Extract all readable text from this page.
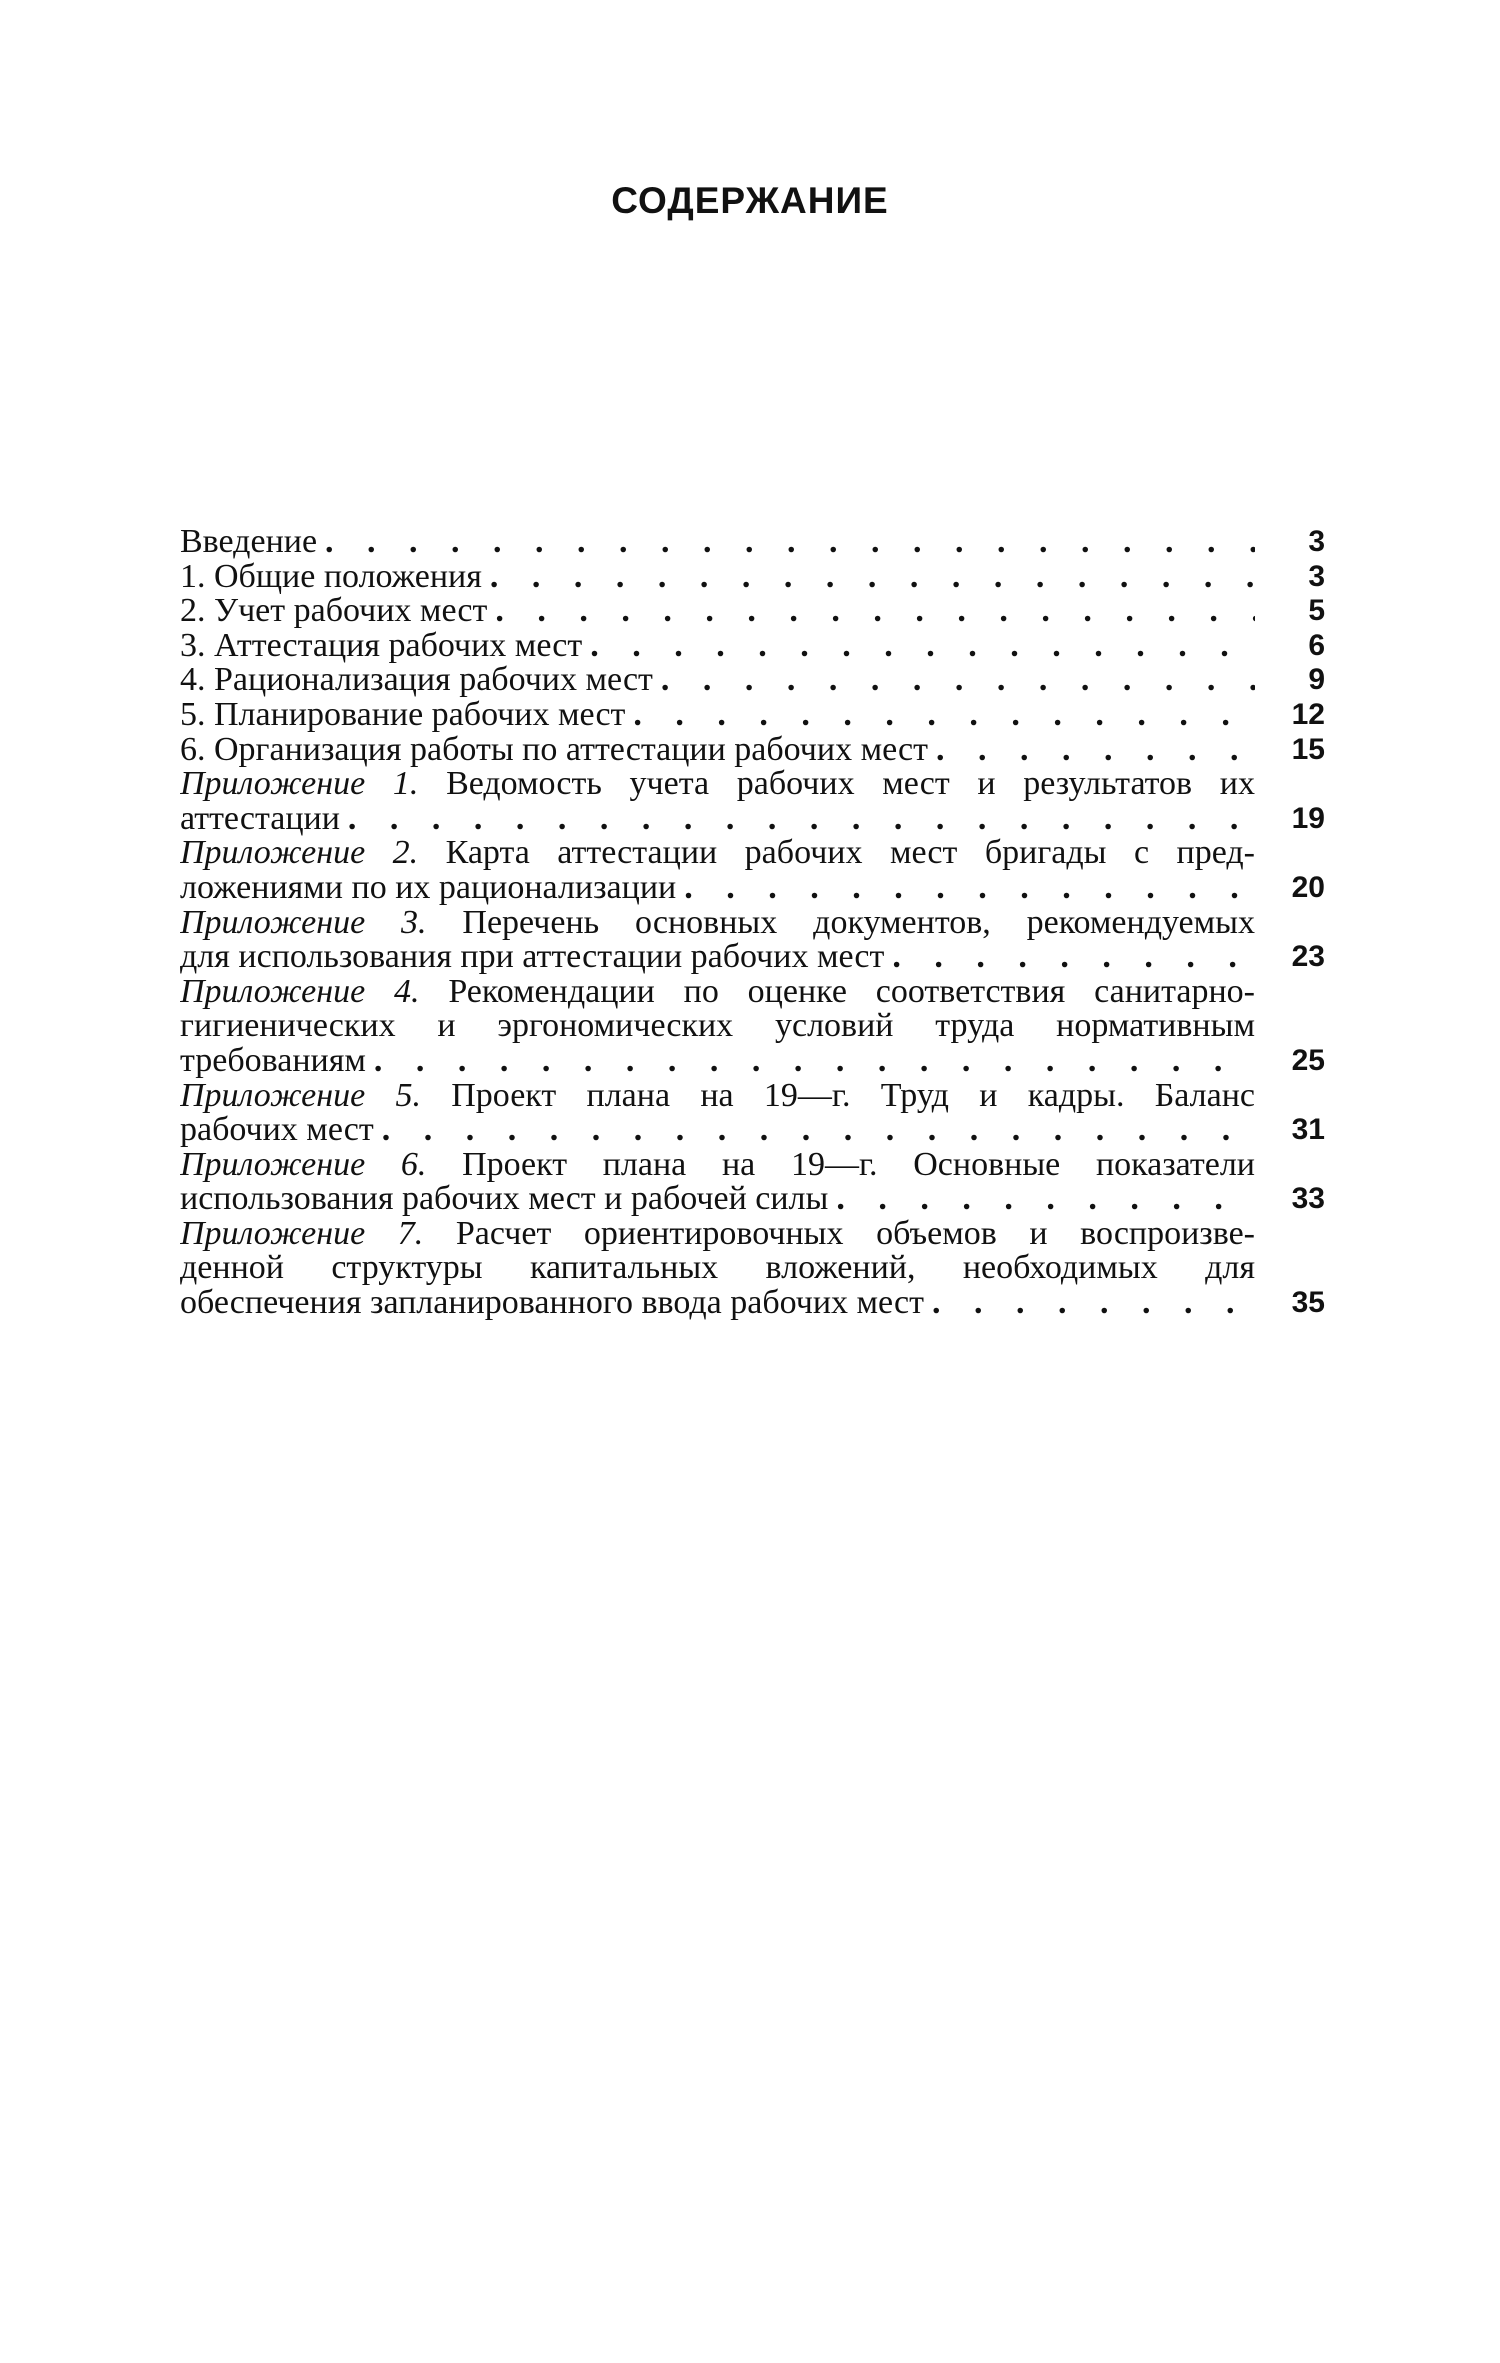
СОДЕРЖАНИЕ
Введение . . .	3
1. Общие положения . . .	3
2. Учет рабочих мест . . .	5
3. Аттестация рабочих мест . . .	6
4. Рационализация рабочих мест . . .	9
5. Планирование рабочих мест . . .	12
6. Организация работы по аттестации рабочих мест . . .	15
Приложение 1. Ведомость учета рабочих мест и результатов их
аттестации . . .	19
Приложение 2. Карта аттестации рабочих мест бригады с пред-
ложениями по их рационализации . . .	20
Приложение 3. Перечень основных документов, рекомендуемых
для использования при аттестации рабочих мест . . .	23
Приложение 4. Рекомендации по оценке соответствия санитарно-
гигиенических и эргономических условий труда нормативным
требованиям . . .	25
Приложение 5. Проект плана на 19—г. Труд и кадры. Баланс
рабочих мест . . .	31
Приложение 6. Проект плана на 19—г. Основные показатели
использования рабочих мест и рабочей силы . . .	33
Приложение 7. Расчет ориентировочных объемов и воспроизве-
денной структуры капитальных вложений, необходимых для
обеспечения запланированного ввода рабочих мест . . .	35
